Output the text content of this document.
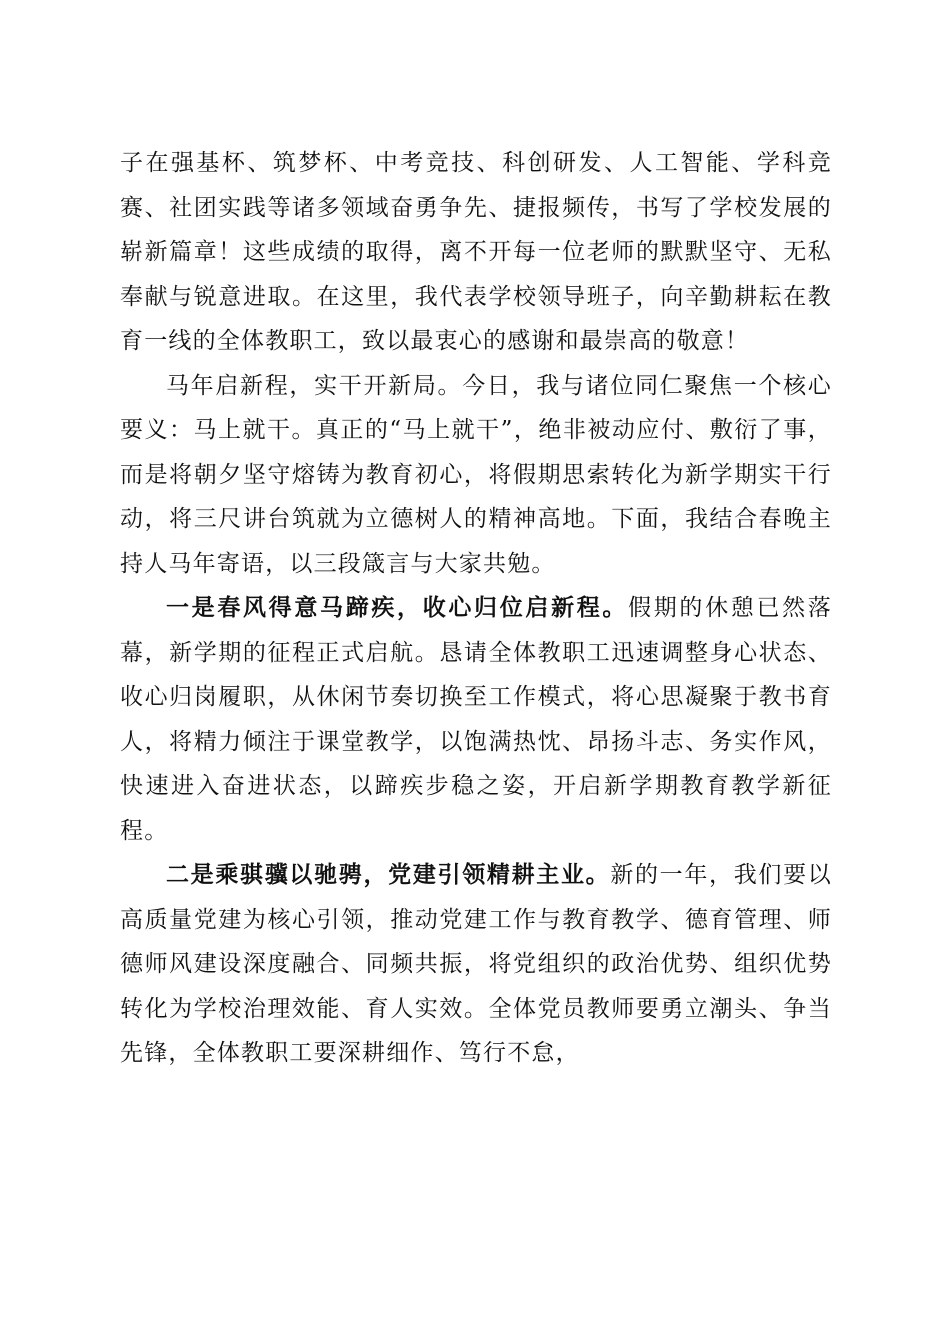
子在强基杯、筑梦杯、中考竞技、科创研发、人工智能、学科竞赛、社团实践等诸多领域奋勇争先、捷报频传，书写了学校发展的崭新篇章！这些成绩的取得，离不开每一位老师的默默坚守、无私奉献与锐意进取。在这里，我代表学校领导班子，向辛勤耕耘在教育一线的全体教职工，致以最衷心的感谢和最崇高的敬意！

马年启新程，实干开新局。今日，我与诸位同仁聚焦一个核心要义：马上就干。真正的“马上就干”，绝非被动应付、敷衍了事，而是将朝夕坚守熔铸为教育初心，将假期思索转化为新学期实干行动，将三尺讲台筑就为立德树人的精神高地。下面，我结合春晚主持人马年寄语，以三段箴言与大家共勉。

一是春风得意马蹄疾，收心归位启新程。假期的休憩已然落幕，新学期的征程正式启航。恳请全体教职工迅速调整身心状态、收心归岗履职，从休闲节奏切换至工作模式，将心思凝聚于教书育人，将精力倾注于课堂教学，以饱满热忱、昂扬斗志、务实作风，快速进入奋进状态，以蹄疾步稳之姿，开启新学期教育教学新征程。

二是乘骐骥以驰骋，党建引领精耕主业。新的一年，我们要以高质量党建为核心引领，推动党建工作与教育教学、德育管理、师德师风建设深度融合、同频共振，将党组织的政治优势、组织优势转化为学校治理效能、育人实效。全体党员教师要勇立潮头、争当先锋，全体教职工要深耕细作、笃行不怠，
